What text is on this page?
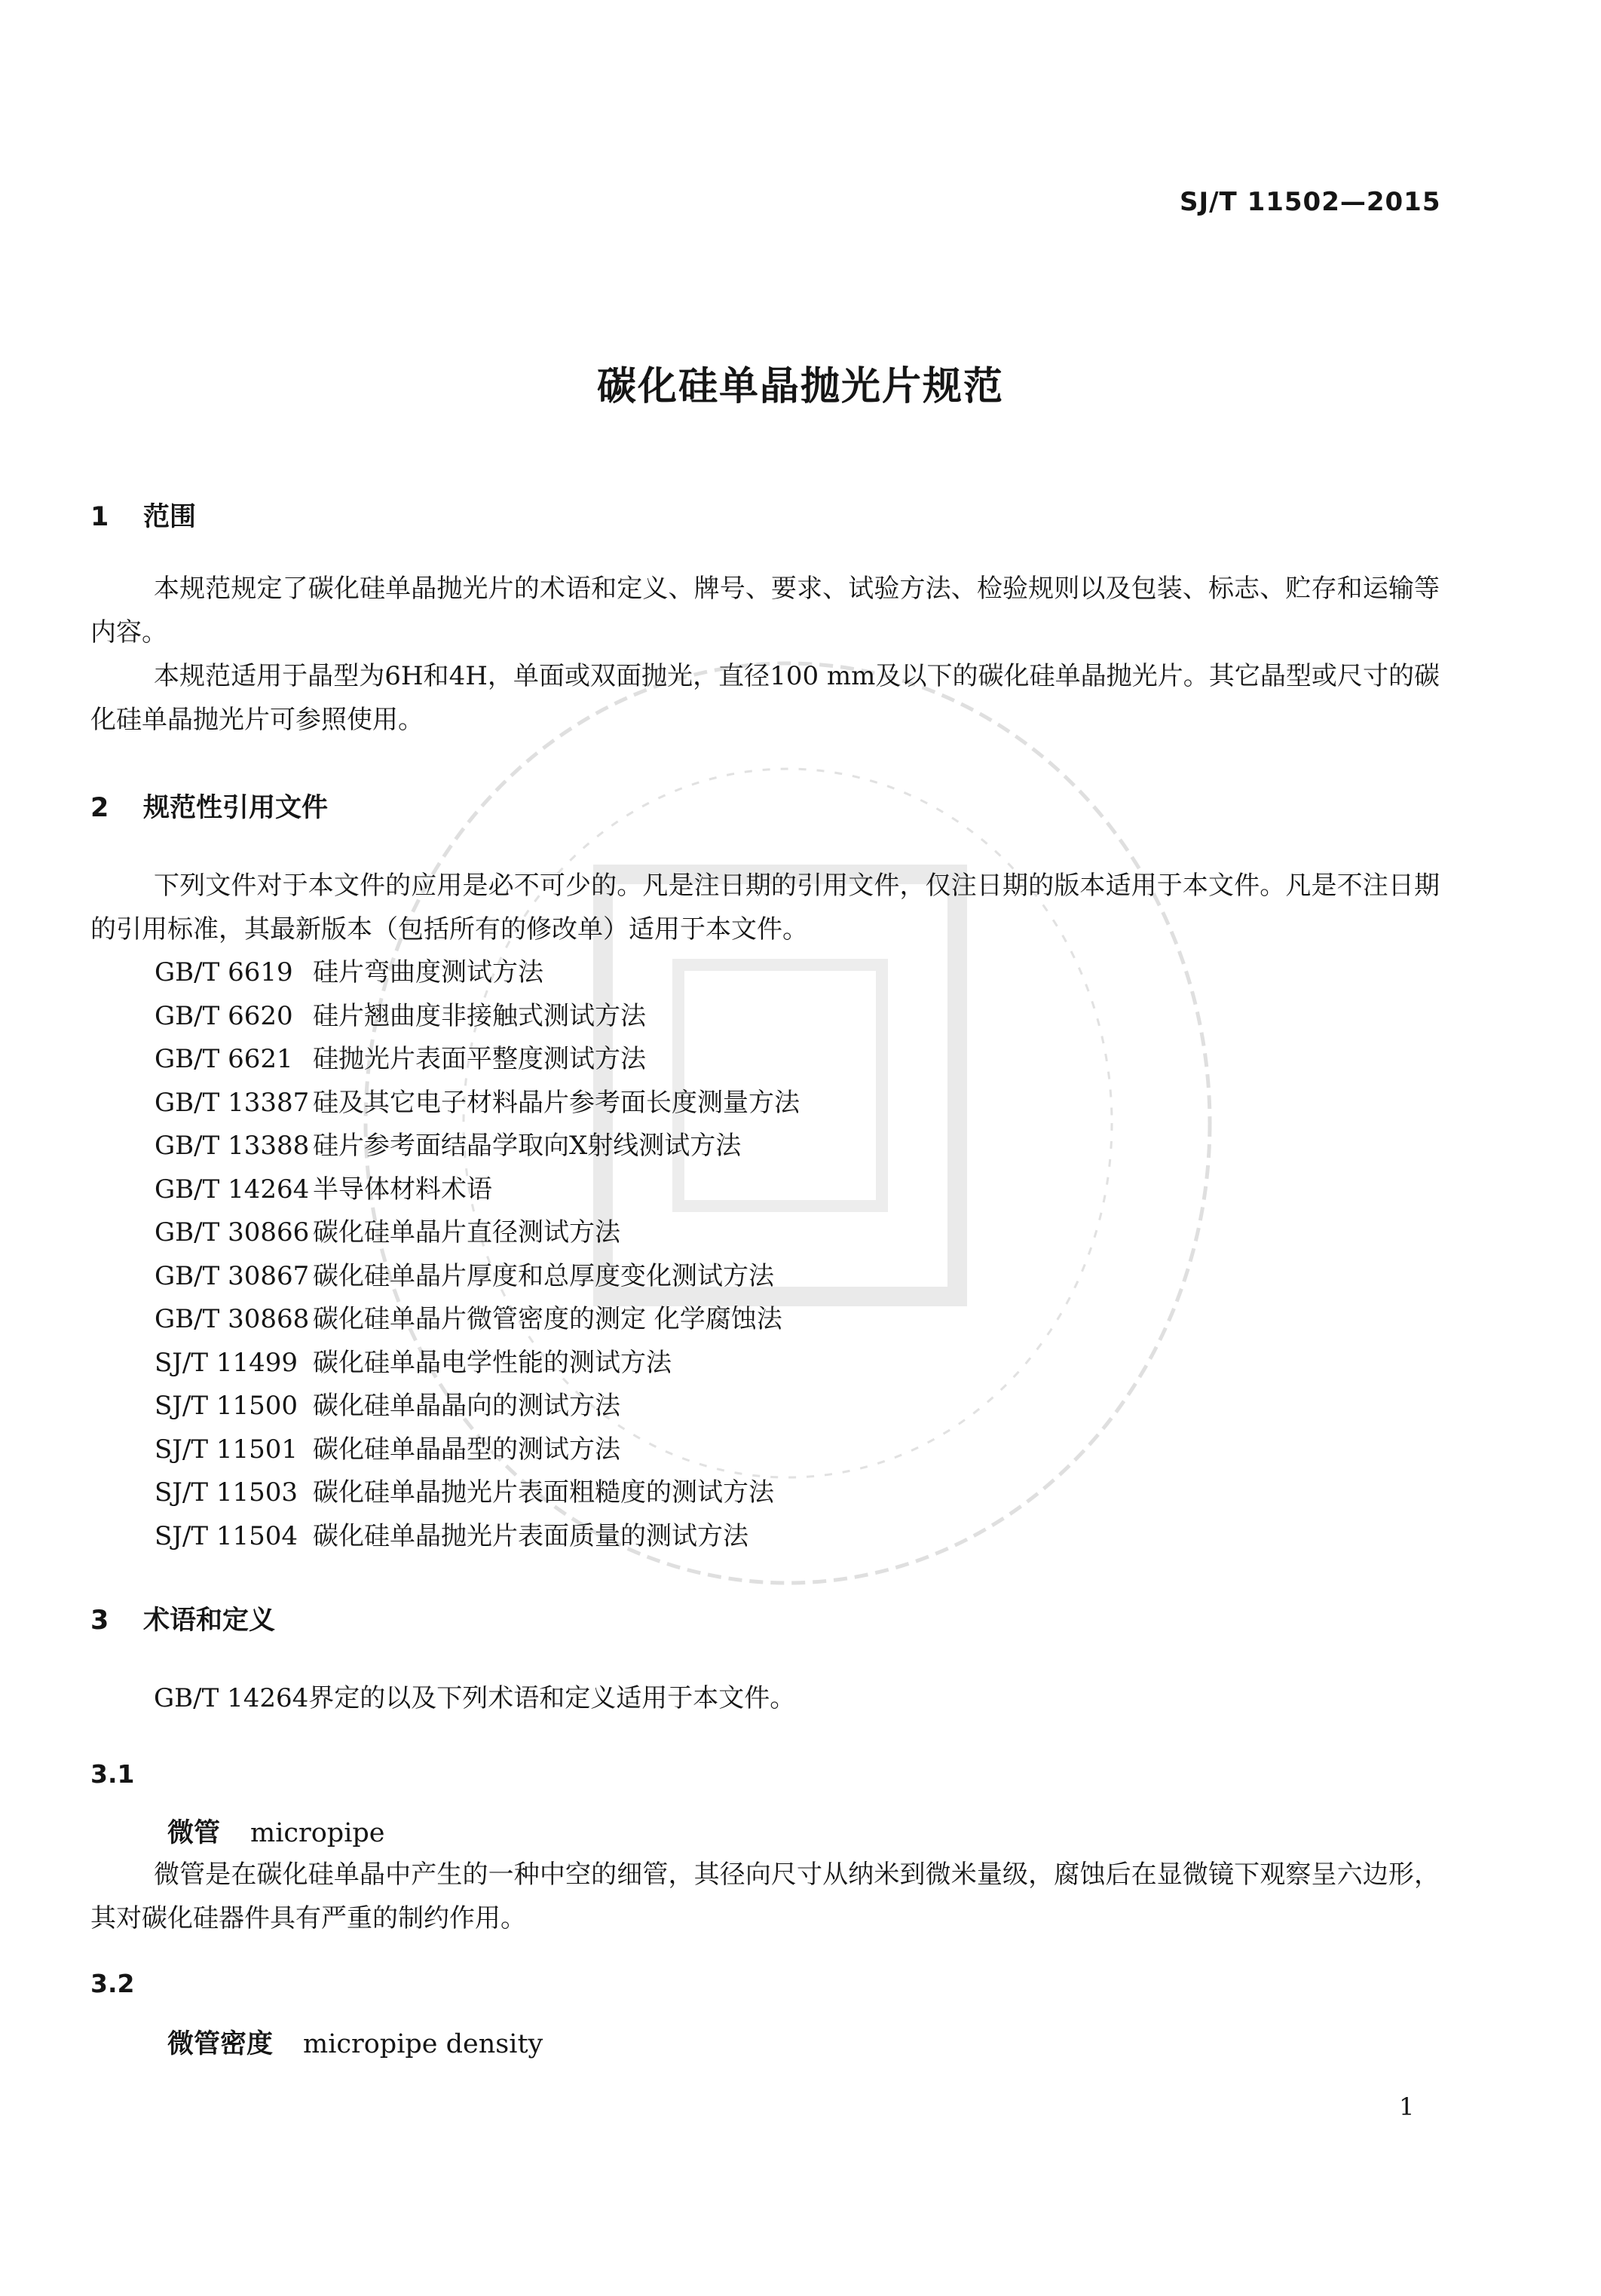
SJ/T 11502—2015
碳化硅单晶抛光片规范
1 范围
本规范规定了碳化硅单晶抛光片的术语和定义、牌号、要求、试验方法、检验规则以及包装、标志、贮存和运输等内容。
本规范适用于晶型为6H和4H，单面或双面抛光，直径100 mm及以下的碳化硅单晶抛光片。其它晶型或尺寸的碳化硅单晶抛光片可参照使用。
2 规范性引用文件
下列文件对于本文件的应用是必不可少的。凡是注日期的引用文件，仅注日期的版本适用于本文件。凡是不注日期的引用标准，其最新版本（包括所有的修改单）适用于本文件。
GB/T 6619 硅片弯曲度测试方法
GB/T 6620 硅片翘曲度非接触式测试方法
GB/T 6621 硅抛光片表面平整度测试方法
GB/T 13387 硅及其它电子材料晶片参考面长度测量方法
GB/T 13388 硅片参考面结晶学取向X射线测试方法
GB/T 14264 半导体材料术语
GB/T 30866 碳化硅单晶片直径测试方法
GB/T 30867 碳化硅单晶片厚度和总厚度变化测试方法
GB/T 30868 碳化硅单晶片微管密度的测定 化学腐蚀法
SJ/T 11499 碳化硅单晶电学性能的测试方法
SJ/T 11500 碳化硅单晶晶向的测试方法
SJ/T 11501 碳化硅单晶晶型的测试方法
SJ/T 11503 碳化硅单晶抛光片表面粗糙度的测试方法
SJ/T 11504 碳化硅单晶抛光片表面质量的测试方法
3 术语和定义
GB/T 14264界定的以及下列术语和定义适用于本文件。
3.1
微管 micropipe
微管是在碳化硅单晶中产生的一种中空的细管，其径向尺寸从纳米到微米量级，腐蚀后在显微镜下观察呈六边形，其对碳化硅器件具有严重的制约作用。
3.2
微管密度 micropipe density
1
